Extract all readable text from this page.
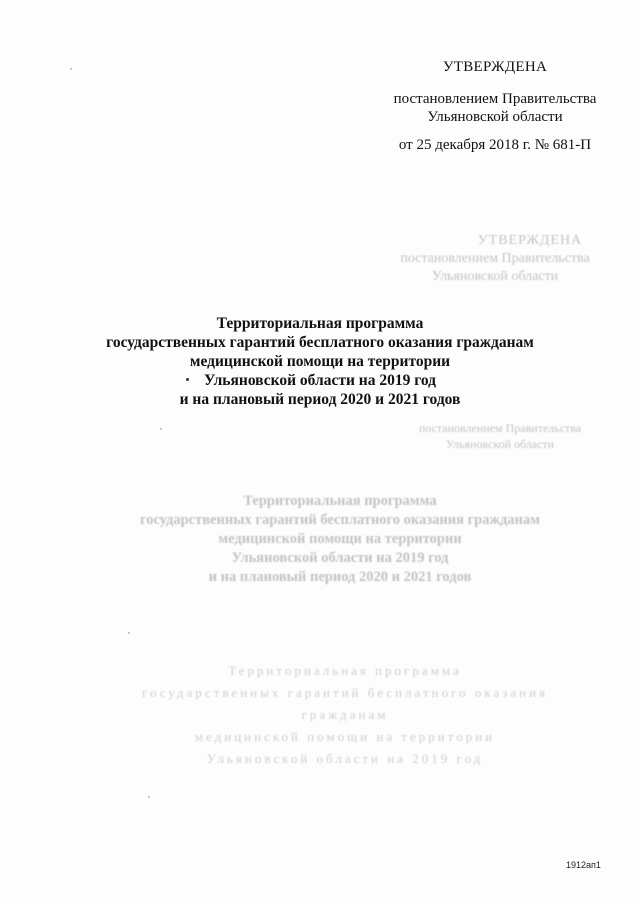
УТВЕРЖДЕНА
постановлением Правительства
Ульяновской области
от 25 декабря 2018 г. № 681-П
УТВЕРЖДЕНА
постановлением Правительства
Ульяновской области
Территориальная программа
государственных гарантий бесплатного оказания гражданам
медицинской помощи на территории
Ульяновской области на 2019 год
и на плановый период 2020 и 2021 годов
постановлением Правительства
Ульяновской области
Территориальная программа
государственных гарантий бесплатного оказания гражданам
медицинской помощи на территории
Ульяновской области на 2019 год
и на плановый период 2020 и 2021 годов
Территориальная программа
государственных гарантий бесплатного оказания гражданам
медицинской помощи на территории
Ульяновской области на 2019 год
1912ап1
